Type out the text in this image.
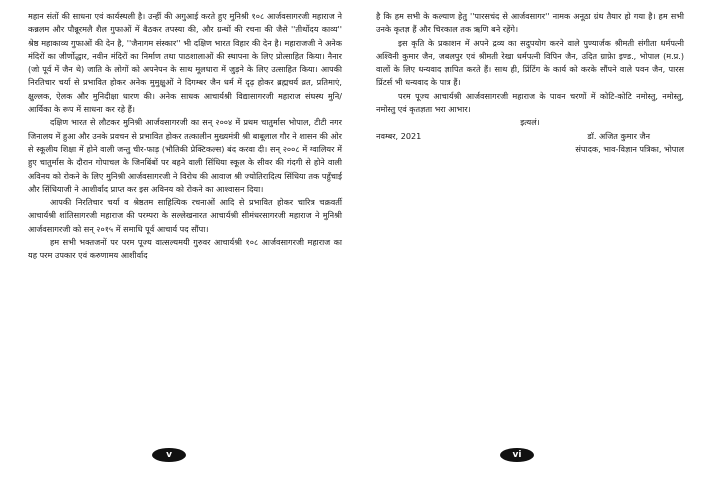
महान संतों की साधना एवं कार्यस्थली है। उन्हीं की अगुआई करते हुए मुनिश्री १०८ आर्जवसागरजी महाराज ने कन्नलम और पौन्नूरमलै शैल गुफाओं में बैठकर तपस्या की, और ग्रन्थों की रचना की जैसे ''तीर्थोदय काव्य'' श्रेष्ठ महाकाव्य गुफाओं की देन है, ''जैनागम संस्कार'' भी दक्षिण भारत विहार की देन है। महाराजजी ने अनेक मंदिरों का जीर्णोद्धार, नवीन मंदिरों का निर्माण तथा पाठशालाओं की स्थापना के लिए प्रोत्साहित किया। नैनार (जो पूर्व में जैन थे) जाति के लोगों को अपनेपन के साथ मूलधारा में जुड़ने के लिए उत्साहित किया। आपकी निरतिचार चर्या से प्रभावित होकर अनेक मुमुक्षुओं ने दिगम्बर जैन धर्म में दृढ़ होकर ब्रह्मचर्य व्रत, प्रतिमाएं, क्षुल्लक, ऐलक और मुनिदीक्षा धारण की। अनेक साधक आचार्यश्री विद्यासागरजी महाराज संघस्थ मुनि/आर्यिका के रूप में साधना कर रहे हैं।

दक्षिण भारत से लौटकर मुनिश्री आर्जवसागरजी का सन् २००४ में प्रथम चातुर्मास भोपाल, टीटी नगर जिनालय में हुआ और उनके प्रवचन से प्रभावित होकर तत्कालीन मुख्यमंत्री श्री बाबूलाल गौर ने शासन की ओर से स्कूलीय शिक्षा में होने वाली जन्तु चीर-फाड़ (भौतिकी प्रेक्टिकल्स) बंद करवा दी। सन् २००८ में ग्वालियर में हुए चातुर्मास के दौरान गोपाचल के जिनबिंबों पर बहने वाली सिंधिया स्कूल के सीवर की गंदगी से होने वाली अविनय को रोकने के लिए मुनिश्री आर्जवसागरजी ने विरोध की आवाज श्री ज्योतिरादित्य सिंधिया तक पहुँचाई और सिंधियाजी ने आशीर्वाद प्राप्त कर इस अविनय को रोकने का आश्वासन दिया।

आपकी निरतिचार चर्या व श्रेष्ठतम साहित्यिक रचनाओं आदि से प्रभावित होकर चारित्र चक्रवर्ती आचार्यश्री शांतिसागरजी महाराज की परम्परा के सल्लेखनारत आचार्यश्री सीमंधरसागरजी महाराज ने मुनिश्री आर्जवसागरजी को सन् २०१५ में समाधि पूर्व आचार्य पद सौंपा।

हम सभी भक्तजनों पर परम पूज्य वात्सल्यमयी गुरुवर आचार्यश्री १०८ आर्जवसागरजी महाराज का यह परम उपकार एवं करुणामय आशीर्वाद

v

है कि हम सभी के कल्याण हेतु ''पारसचंद से आर्जवसागर'' नामक अनूठा ग्रंथ तैयार हो गया है। हम सभी उनके कृतज्ञ हैं और चिरकाल तक ऋणि बने रहेंगे।

इस कृति के प्रकाशन में अपने द्रव्य का सदुपयोग करने वाले पुण्यार्जक श्रीमती संगीता धर्मपत्नी अश्विनी कुमार जैन, जबलपुर एवं श्रीमती रेखा धर्मपत्नी विपिन जैन, उदित ग्राफ़ेा इण्ड., भोपाल (म.प्र.) वालों के लिए धन्यवाद ज्ञापित करते हैं। साथ ही, प्रिंटिंग के कार्य को करके सौंपने वाले पवन जैन, पारस प्रिंटर्स भी धन्यवाद के पात्र हैं।

परम पूज्य आचार्यश्री आर्जवसागरजी महाराज के पावन चरणों में कोटि-कोटि नमोस्तु, नमोस्तु, नमोस्तु एवं कृतज्ञता भरा आभार।

इत्यलं।
नवम्बर, 2021	डॉ. अजित कुमार जैन
संपादक, भाव-विज्ञान पत्रिका, भोपाल
vi
